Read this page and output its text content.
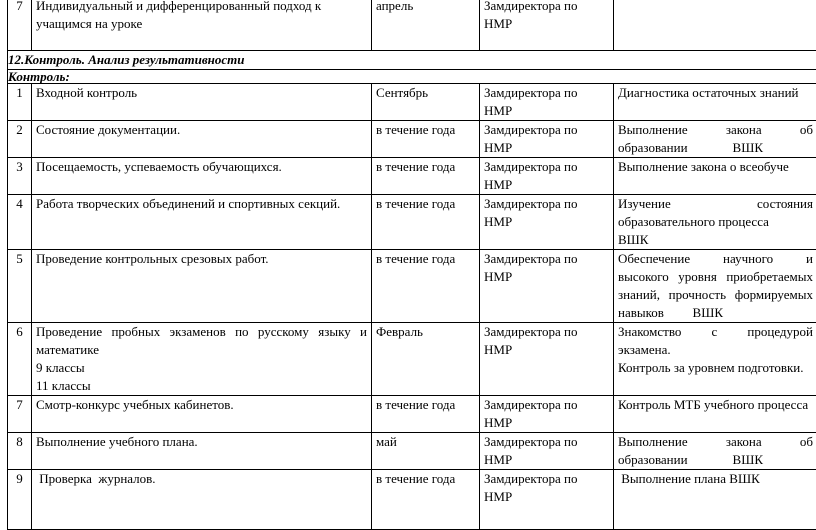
7	Индивидуальный и дифференцированный подход к
учащимся на уроке	апрель	Замдиректора по
НМР	

12.Контроль. Анализ результативности				
Контроль:				
1	Входной контроль	Сентябрь	Замдиректора по
НМР	Диагностика остаточных знаний

2	Состояние документации.	в течение года	Замдиректора по
НМР	Выполнение закона об
образовании ВШК

3	Посещаемость, успеваемость обучающихся.	в течение года	Замдиректора по
НМР	Выполнение закона о всеобуче

4	Работа творческих объединений и спортивных секций.	в течение года	Замдиректора по
НМР	Изучение состояния
образовательного процесса
ВШК

5	Проведение контрольных срезовых работ.	в течение года	Замдиректора по
НМР	Обеспечение научного и
высокого уровня приобретаемых
знаний, прочность формируемых
навыков ВШК

6	Проведение пробных экзаменов по русскому языку и
математике
9 классы
11 классы	Февраль	Замдиректора по
НМР	Знакомство с процедурой
экзамена.
Контроль за уровнем подготовки.

7	Смотр-конкурс учебных кабинетов.	в течение года	Замдиректора по
НМР	Контроль МТБ учебного процесса

8	Выполнение учебного плана.	май	Замдиректора по
НМР	Выполнение закона об
образовании ВШК

9	Проверка  журналов.	в течение года	Замдиректора по
НМР	Выполнение плана ВШК
